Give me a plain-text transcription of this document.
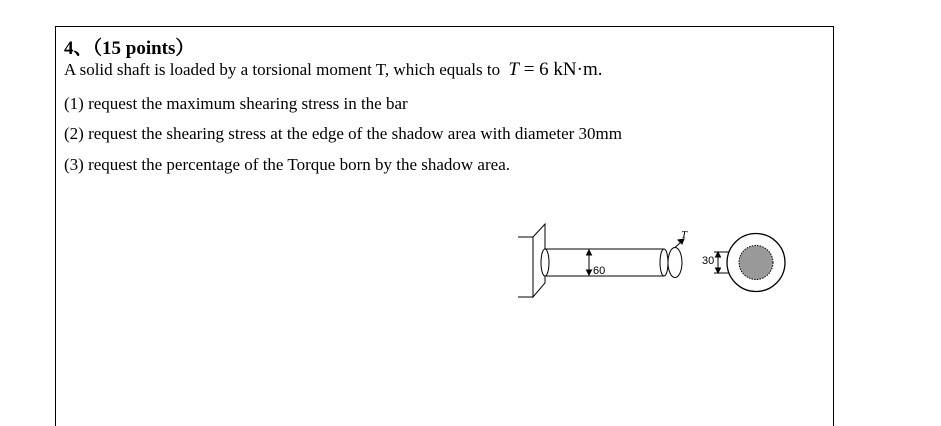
4、（15 points）
A solid shaft is loaded by a torsional moment T, which equals to T = 6 kN·m.
(1) request the maximum shearing stress in the bar
(2) request the shearing stress at the edge of the shadow area with diameter 30mm
(3) request the percentage of the Torque born by the shadow area.
60
T
30
